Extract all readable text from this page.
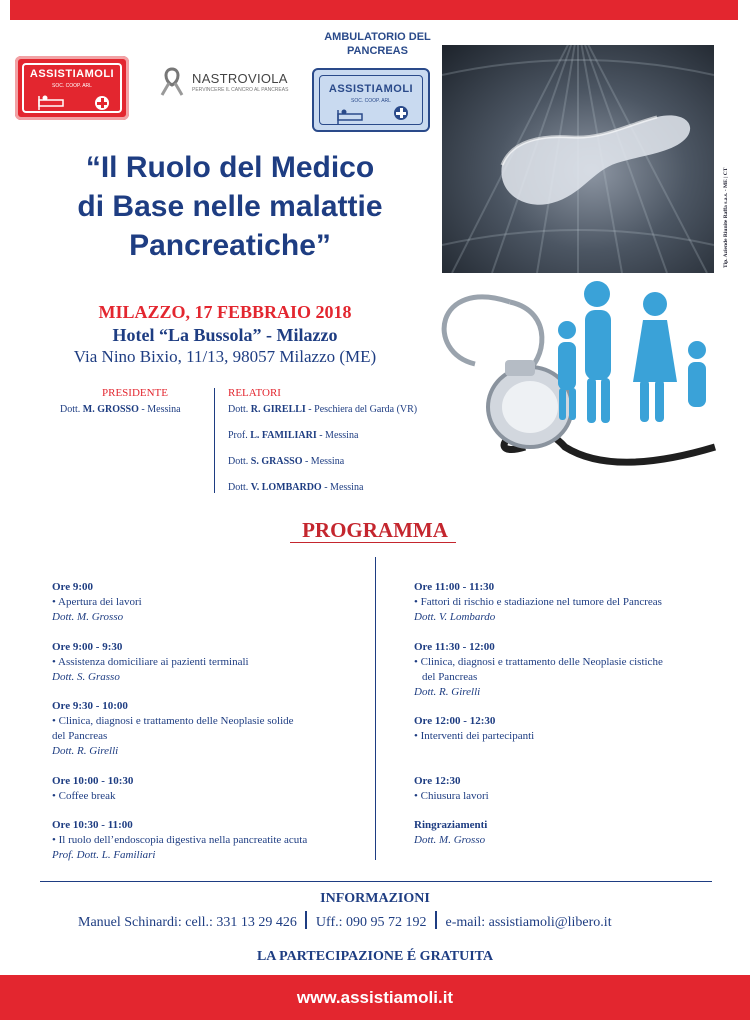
ASSISTIAMOLI
SOC. COOP. ARL	NASTROVIOLA
PERVINCERE IL CANCRO AL PANCREAS
AMBULATORIO DEL PANCREAS
ASSISTIAMOLI
SOC. COOP. ARL
Tip. Aziende Riunite Raffa s.a.s. - ME | CT
“Il Ruolo del Medico
di Base nelle malattie
Pancreatiche”
MILAZZO, 17 FEBBRAIO 2018
Hotel “La Bussola” - Milazzo
Via Nino Bixio, 11/13, 98057 Milazzo (ME)
PRESIDENTE
Dott. M. GROSSO - Messina
RELATORI
Dott. R. GIRELLI - Peschiera del Garda (VR)
Prof. L. FAMILIARI - Messina
Dott. S. GRASSO - Messina
Dott. V. LOMBARDO - Messina
PROGRAMMA
Ore 9:00
• Apertura dei lavori
Dott. M. Grosso
Ore 9:00 - 9:30
• Assistenza domiciliare ai pazienti terminali
Dott. S. Grasso
Ore 9:30 - 10:00
• Clinica, diagnosi e trattamento delle Neoplasie solide
del Pancreas
Dott. R. Girelli
Ore 10:00 - 10:30
• Coffee break
Ore 10:30 - 11:00
• Il ruolo dell’endoscopia digestiva nella pancreatite acuta
Prof. Dott. L. Familiari
Ore 11:00 - 11:30
• Fattori di rischio e stadiazione nel tumore del Pancreas
Dott. V. Lombardo
Ore 11:30 - 12:00
• Clinica, diagnosi e trattamento delle Neoplasie cistiche
del Pancreas
Dott. R. Girelli
Ore 12:00 - 12:30
• Interventi dei partecipanti
Ore 12:30
• Chiusura lavori
Ringraziamenti
Dott. M. Grosso
INFORMAZIONI
Manuel Schinardi: cell.: 331 13 29 426 Uff.: 090 95 72 192 e-mail: assistiamoli@libero.it
LA PARTECIPAZIONE É GRATUITA
www.assistiamoli.it
